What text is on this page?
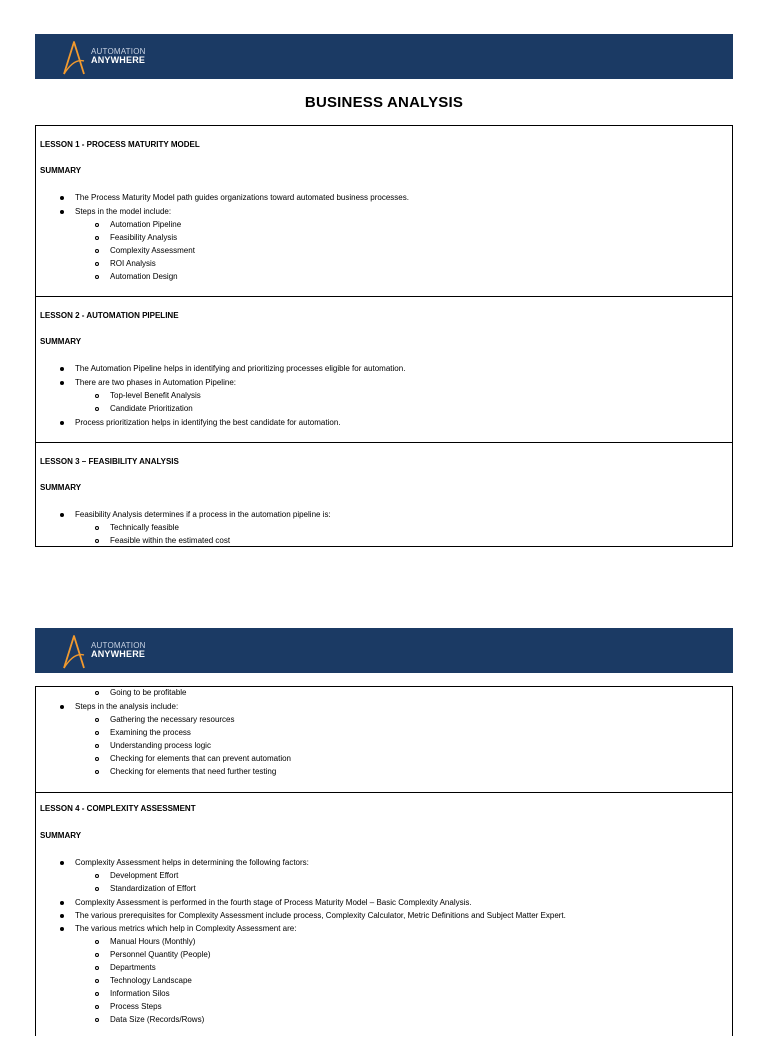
AUTOMATION
ANYWHERE
BUSINESS ANALYSIS
LESSON 1 - PROCESS MATURITY MODEL
SUMMARY
The Process Maturity Model path guides organizations toward automated business processes.
Steps in the model include:
Automation Pipeline
Feasibility Analysis
Complexity Assessment
ROI Analysis
Automation Design
LESSON 2 - AUTOMATION PIPELINE
SUMMARY
The Automation Pipeline helps in identifying and prioritizing processes eligible for automation.
There are two phases in Automation Pipeline:
Top-level Benefit Analysis
Candidate Prioritization
Process prioritization helps in identifying the best candidate for automation.
LESSON 3 – FEASIBILITY ANALYSIS
SUMMARY
Feasibility Analysis determines if a process in the automation pipeline is:
Technically feasible
Feasible within the estimated cost
AUTOMATION
ANYWHERE
Going to be profitable
Steps in the analysis include:
Gathering the necessary resources
Examining the process
Understanding process logic
Checking for elements that can prevent automation
Checking for elements that need further testing
LESSON 4 - COMPLEXITY ASSESSMENT
SUMMARY
Complexity Assessment helps in determining the following factors:
Development Effort
Standardization of Effort
Complexity Assessment is performed in the fourth stage of Process Maturity Model – Basic Complexity Analysis.
The various prerequisites for Complexity Assessment include process, Complexity Calculator, Metric Definitions and Subject Matter Expert.
The various metrics which help in Complexity Assessment are:
Manual Hours (Monthly)
Personnel Quantity (People)
Departments
Technology Landscape
Information Silos
Process Steps
Data Size (Records/Rows)
